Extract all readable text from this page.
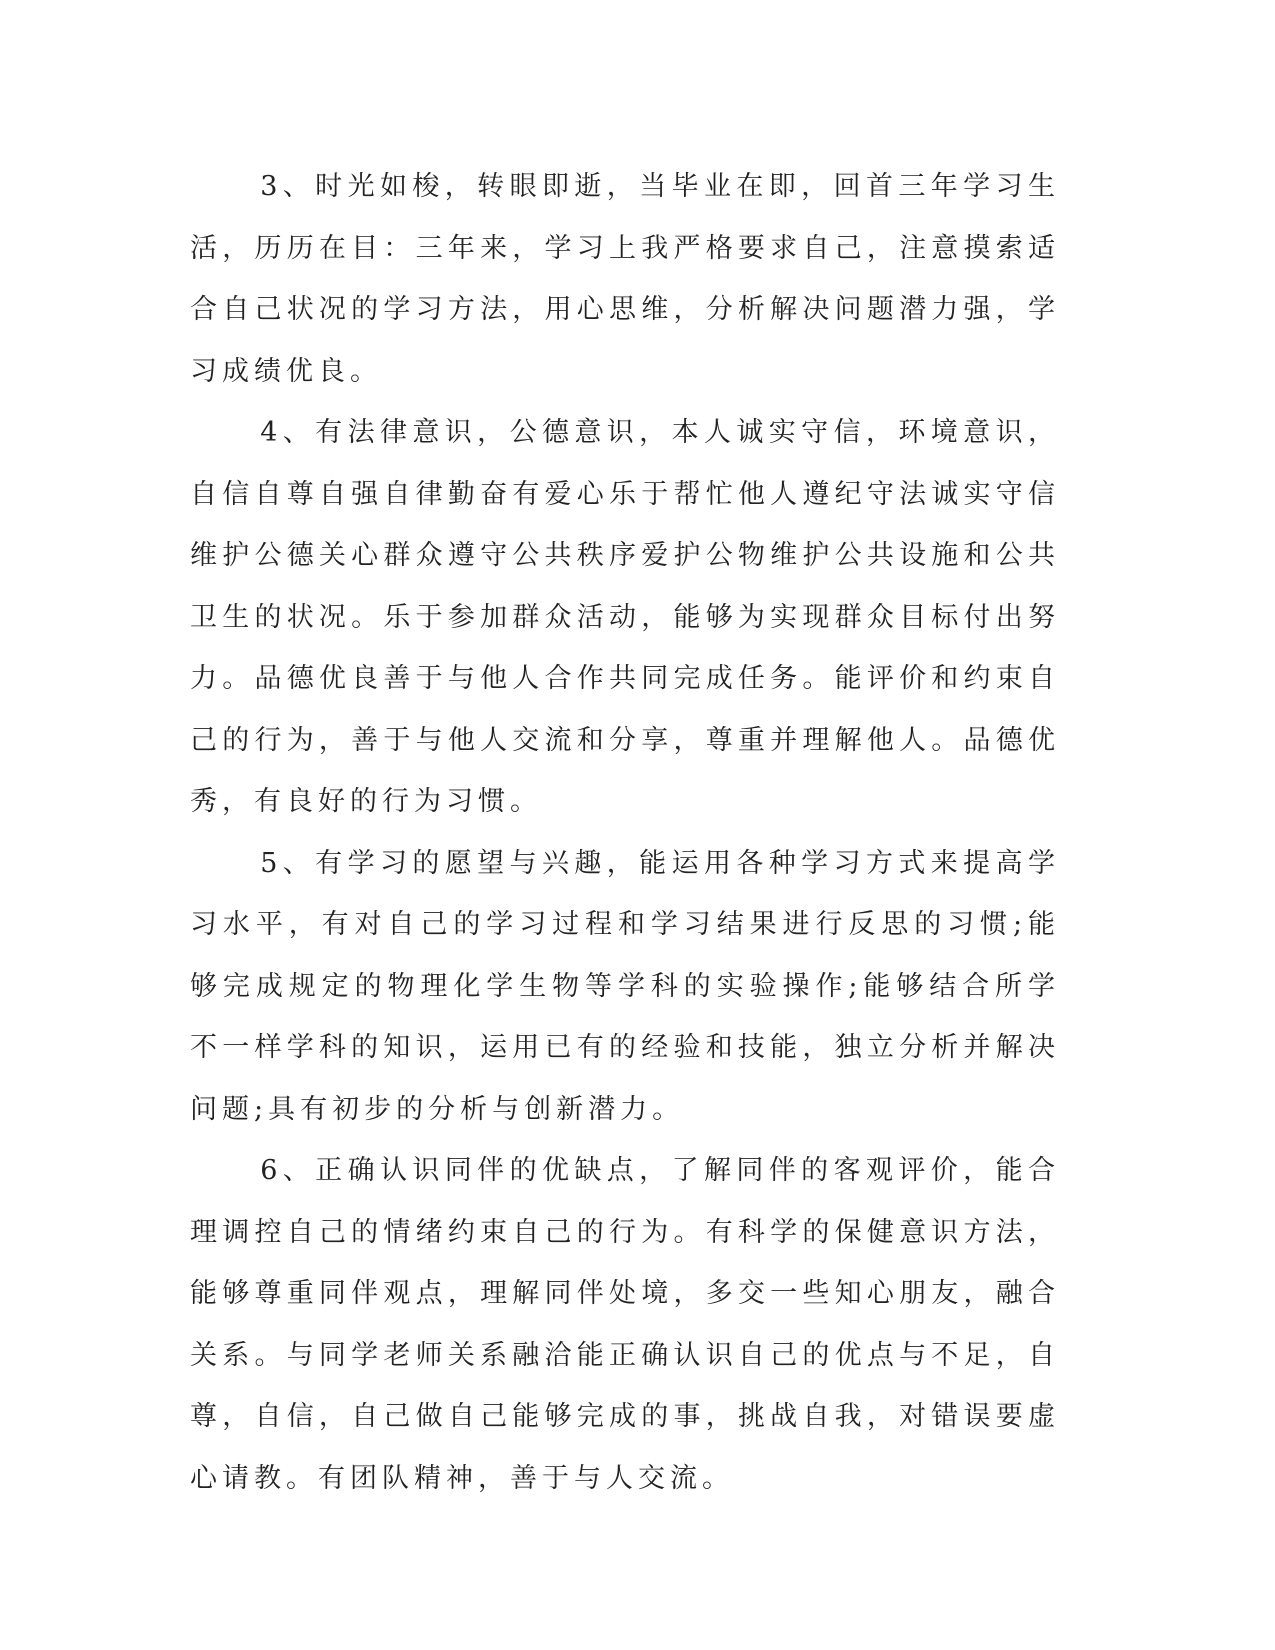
3、时光如梭，转眼即逝，当毕业在即，回首三年学习生活，历历在目：三年来，学习上我严格要求自己，注意摸索适合自己状况的学习方法，用心思维，分析解决问题潜力强，学习成绩优良。

4、有法律意识，公德意识，本人诚实守信，环境意识，自信自尊自强自律勤奋有爱心乐于帮忙他人遵纪守法诚实守信维护公德关心群众遵守公共秩序爱护公物维护公共设施和公共卫生的状况。乐于参加群众活动，能够为实现群众目标付出努力。品德优良善于与他人合作共同完成任务。能评价和约束自己的行为，善于与他人交流和分享，尊重并理解他人。品德优秀，有良好的行为习惯。

5、有学习的愿望与兴趣，能运用各种学习方式来提高学习水平，有对自己的学习过程和学习结果进行反思的习惯;能够完成规定的物理化学生物等学科的实验操作;能够结合所学不一样学科的知识，运用已有的经验和技能，独立分析并解决问题;具有初步的分析与创新潜力。

6、正确认识同伴的优缺点，了解同伴的客观评价，能合理调控自己的情绪约束自己的行为。有科学的保健意识方法，能够尊重同伴观点，理解同伴处境，多交一些知心朋友，融合关系。与同学老师关系融洽能正确认识自己的优点与不足，自尊，自信，自己做自己能够完成的事，挑战自我，对错误要虚心请教。有团队精神，善于与人交流。
